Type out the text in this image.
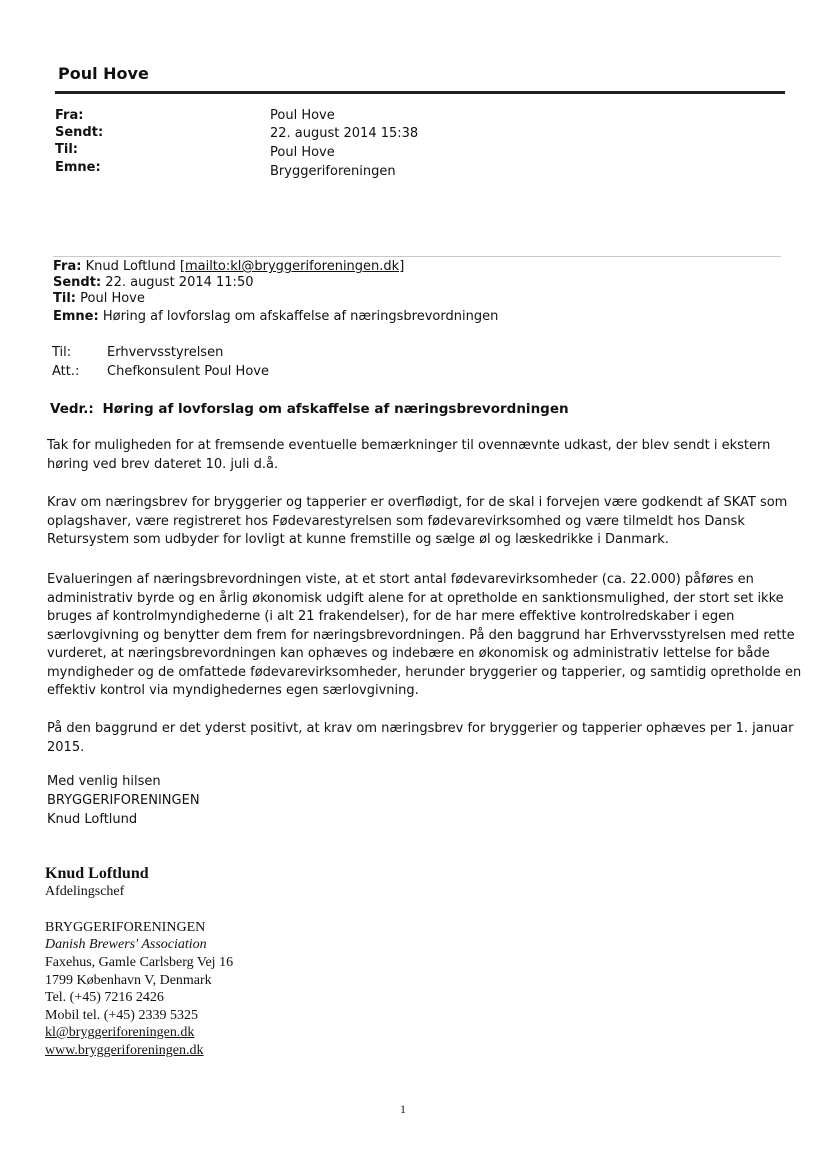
Poul Hove
Fra:	Poul Hove
Sendt:	22. august 2014 15:38
Til:	Poul Hove
Emne:	Bryggeriforeningen
Fra: Knud Loftlund [mailto:kl@bryggeriforeningen.dk]
Sendt: 22. august 2014 11:50
Til: Poul Hove
Emne: Høring af lovforslag om afskaffelse af næringsbrevordningen
Til:	Erhvervsstyrelsen
Att.: Chefkonsulent Poul Hove
Vedr.: Høring af lovforslag om afskaffelse af næringsbrevordningen
Tak for muligheden for at fremsende eventuelle bemærkninger til ovennævnte udkast, der blev sendt i ekstern
høring ved brev dateret 10. juli d.å.
Krav om næringsbrev for bryggerier og tapperier er overflødigt, for de skal i forvejen være godkendt af SKAT som
oplagshaver, være registreret hos Fødevarestyrelsen som fødevarevirksomhed og være tilmeldt hos Dansk
Retursystem som udbyder for lovligt at kunne fremstille og sælge øl og læskedrikke i Danmark.
Evalueringen af næringsbrevordningen viste, at et stort antal fødevarevirksomheder (ca. 22.000) påføres en
administrativ byrde og en årlig økonomisk udgift alene for at opretholde en sanktionsmulighed, der stort set ikke
bruges af kontrolmyndighederne (i alt 21 frakendelser), for de har mere effektive kontrolredskaber i egen
særlovgivning og benytter dem frem for næringsbrevordningen. På den baggrund har Erhvervsstyrelsen med rette
vurderet, at næringsbrevordningen kan ophæves og indebære en økonomisk og administrativ lettelse for både
myndigheder og de omfattede fødevarevirksomheder, herunder bryggerier og tapperier, og samtidig opretholde en
effektiv kontrol via myndighedernes egen særlovgivning.
På den baggrund er det yderst positivt, at krav om næringsbrev for bryggerier og tapperier ophæves per 1. januar
2015.
Med venlig hilsen
BRYGGERIFORENINGEN
Knud Loftlund
Knud Loftlund
Afdelingschef
BRYGGERIFORENINGEN
Danish Brewers' Association
Faxehus, Gamle Carlsberg Vej 16
1799 København V, Denmark
Tel. (+45) 7216 2426
Mobil tel. (+45) 2339 5325
kl@bryggeriforeningen.dk
www.bryggeriforeningen.dk
1
